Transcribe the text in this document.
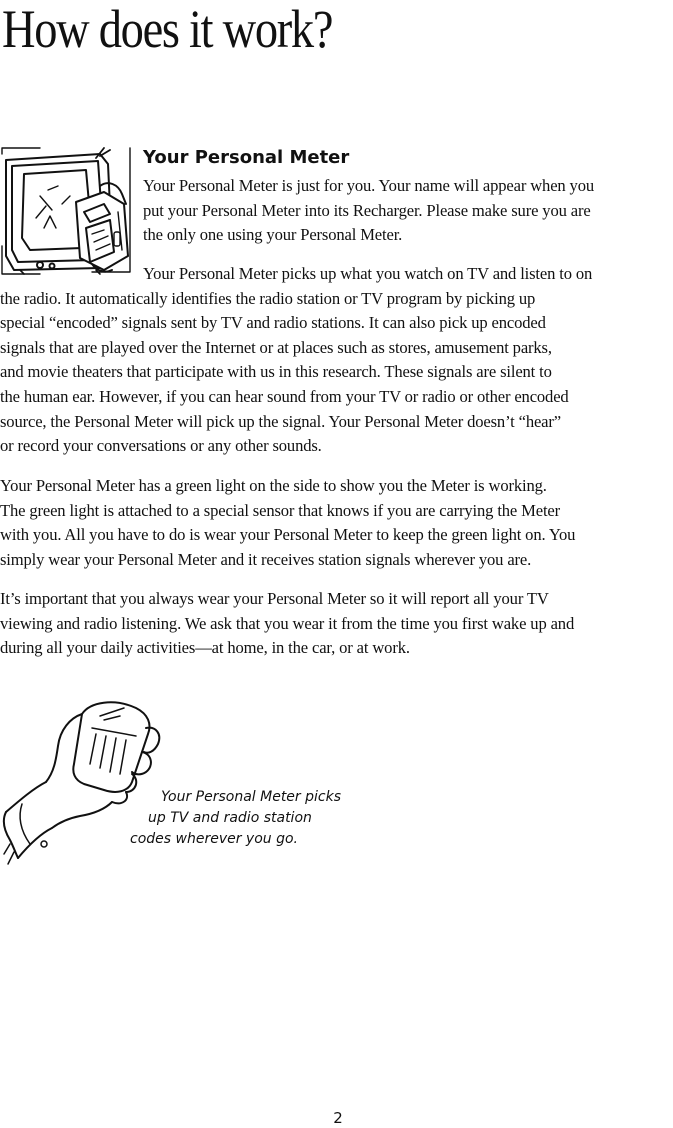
How does it work?
Your Personal Meter

Your Personal Meter is just for you. Your name will appear when you
put your Personal Meter into its Recharger. Please make sure you are
the only one using your Personal Meter.

Your Personal Meter picks up what you watch on TV and listen to on
the radio. It automatically identifies the radio station or TV program by picking up
special “encoded” signals sent by TV and radio stations. It can also pick up encoded
signals that are played over the Internet or at places such as stores, amusement parks,
and movie theaters that participate with us in this research. These signals are silent to
the human ear. However, if you can hear sound from your TV or radio or other encoded
source, the Personal Meter will pick up the signal. Your Personal Meter doesn’t “hear”
or record your conversations or any other sounds.

Your Personal Meter has a green light on the side to show you the Meter is working.
The green light is attached to a special sensor that knows if you are carrying the Meter
with you. All you have to do is wear your Personal Meter to keep the green light on. You
simply wear your Personal Meter and it receives station signals wherever you are.

It’s important that you always wear your Personal Meter so it will report all your TV
viewing and radio listening. We ask that you wear it from the time you first wake up and
during all your daily activities—at home, in the car, or at work.

Your Personal Meter picks
up TV and radio station
codes wherever you go.

2
